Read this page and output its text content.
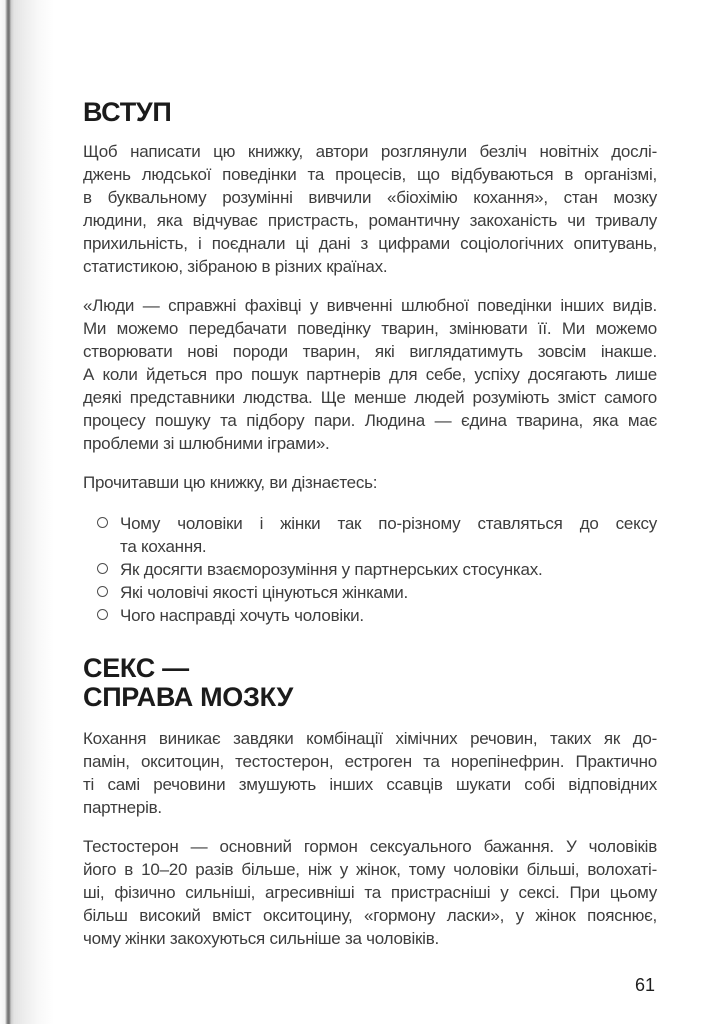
ВСТУП
Щоб написати цю книжку, автори розглянули безліч новітніх дослі-
джень людської поведінки та процесів, що відбуваються в організмі,
в буквальному розумінні вивчили «біохімію кохання», стан мозку
людини, яка відчуває пристрасть, романтичну закоханість чи тривалу
прихильність, і поєднали ці дані з цифрами соціологічних опитувань,
статистикою, зібраною в різних країнах.
«Люди — справжні фахівці у вивченні шлюбної поведінки інших видів.
Ми можемо передбачати поведінку тварин, змінювати її. Ми можемо
створювати нові породи тварин, які виглядатимуть зовсім інакше.
А коли йдеться про пошук партнерів для себе, успіху досягають лише
деякі представники людства. Ще менше людей розуміють зміст самого
процесу пошуку та підбору пари. Людина — єдина тварина, яка має
проблеми зі шлюбними іграми».
Прочитавши цю книжку, ви дізнаєтесь:
Чому чоловіки і жінки так по-різному ставляться до сексу
та кохання.
Як досягти взаєморозуміння у партнерських стосунках.
Які чоловічі якості цінуються жінками.
Чого насправді хочуть чоловіки.
СЕКС —
СПРАВА МОЗКУ
Кохання виникає завдяки комбінації хімічних речовин, таких як до-
памін, окситоцин, тестостерон, естроген та норепінефрин. Практично
ті самі речовини змушують інших ссавців шукати собі відповідних
партнерів.
Тестостерон — основний гормон сексуального бажання. У чоловіків
його в 10–20 разів більше, ніж у жінок, тому чоловіки більші, волохаті-
ші, фізично сильніші, агресивніші та пристрасніші у сексі. При цьому
більш високий вміст окситоцину, «гормону ласки», у жінок пояснює,
чому жінки закохуються сильніше за чоловіків.
61
